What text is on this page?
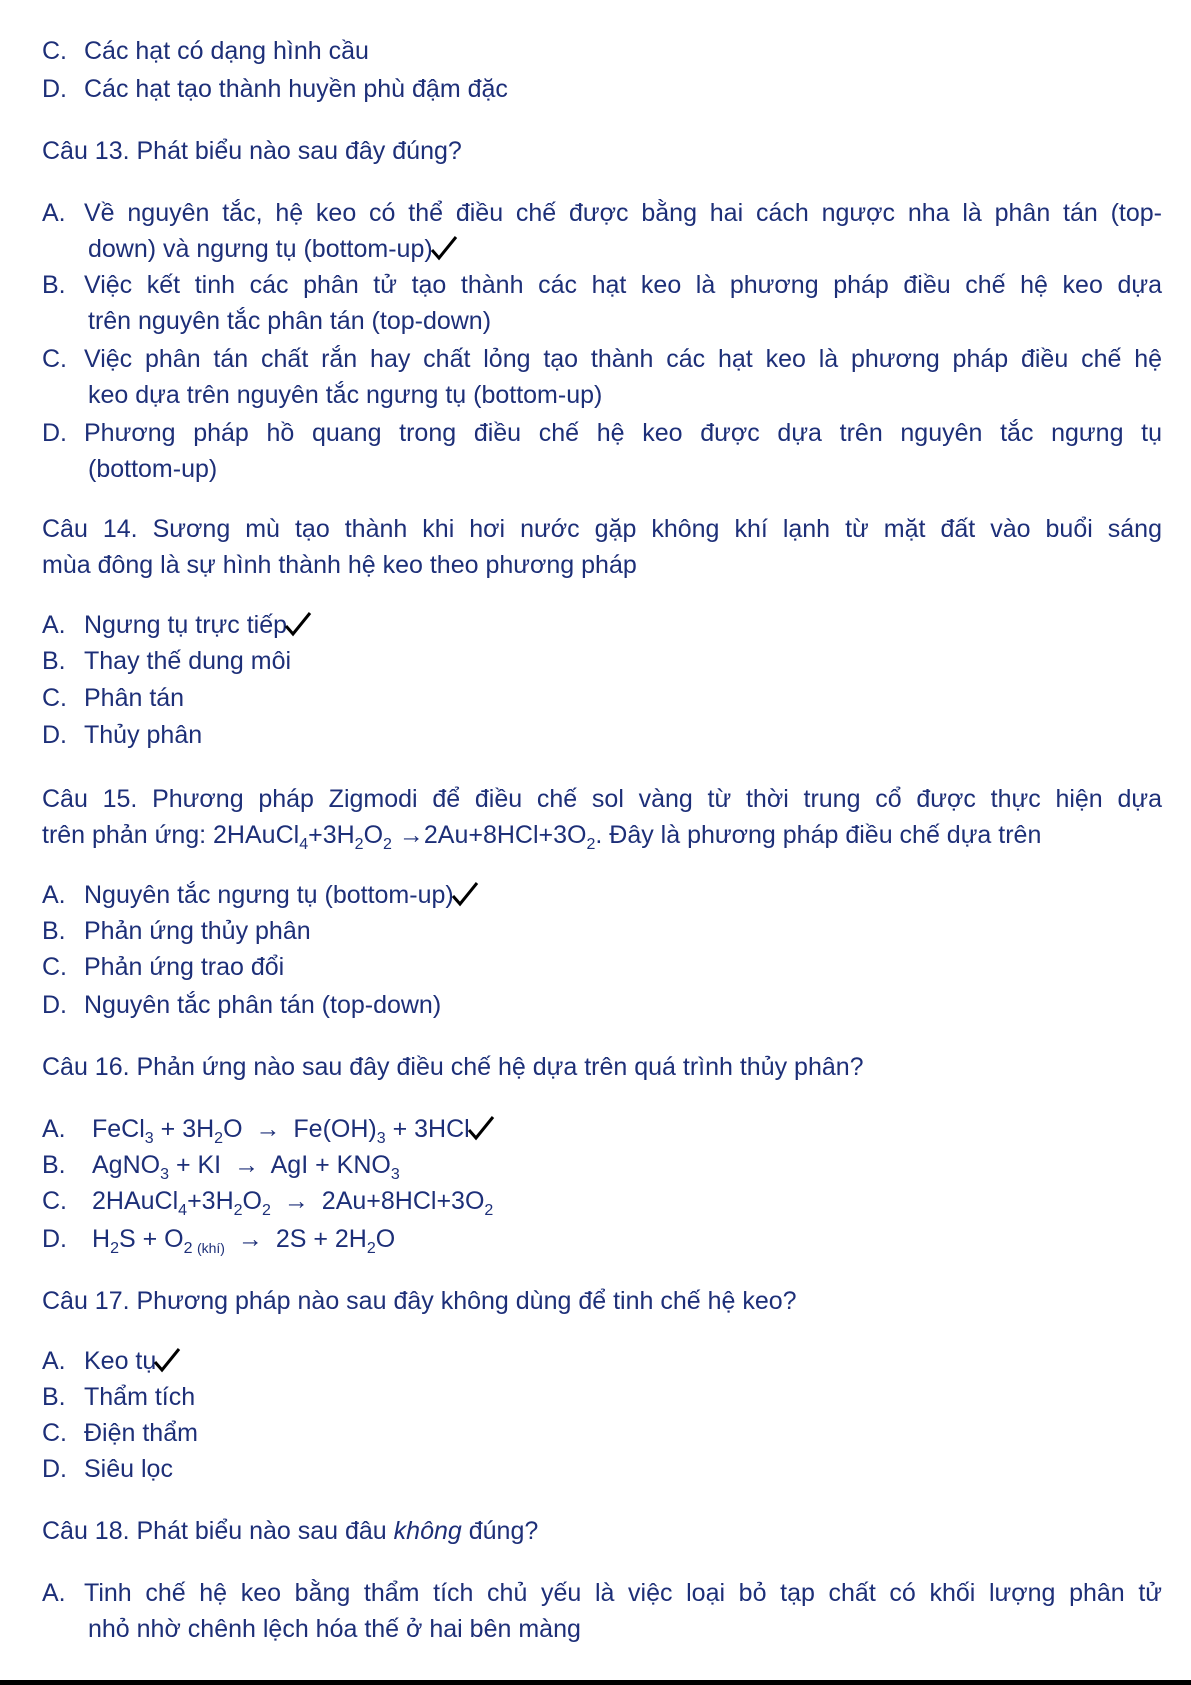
C. Các hạt có dạng hình cầu
D. Các hạt tạo thành huyền phù đậm đặc
Câu 13. Phát biểu nào sau đây đúng?
A. Về nguyên tắc, hệ keo có thể điều chế được bằng hai cách ngược nha là phân tán (top-
down) và ngưng tụ (bottom-up)
B. Việc kết tinh các phân tử tạo thành các hạt keo là phương pháp điều chế hệ keo dựa
trên nguyên tắc phân tán (top-down)
C. Việc phân tán chất rắn hay chất lỏng tạo thành các hạt keo là phương pháp điều chế hệ
keo dựa trên nguyên tắc ngưng tụ (bottom-up)
D. Phương pháp hồ quang trong điều chế hệ keo được dựa trên nguyên tắc ngưng tụ
(bottom-up)
Câu 14. Sương mù tạo thành khi hơi nước gặp không khí lạnh từ mặt đất vào buổi sáng
mùa đông là sự hình thành hệ keo theo phương pháp
A. Ngưng tụ trực tiếp
B. Thay thế dung môi
C. Phân tán
D. Thủy phân
Câu 15. Phương pháp Zigmodi để điều chế sol vàng từ thời trung cổ được thực hiện dựa
trên phản ứng: $2HAuCl_4+3H_2O_2 \to 2Au+8HCl+3O_2$. Đây là phương pháp điều chế dựa trên
A. Nguyên tắc ngưng tụ (bottom-up)
B. Phản ứng thủy phân
C. Phản ứng trao đổi
D. Nguyên tắc phân tán (top-down)
Câu 16. Phản ứng nào sau đây điều chế hệ dựa trên quá trình thủy phân?
A. FeCl$_3$ + $3H_2O \to Fe(OH)_3 + 3HCl$
B. AgNO$_3$ + KI → AgI + $KNO_3$
C. $2HAuCl_4+3H_2O_2 \to 2Au+8HCl+3O_2$
D. $H_2S + O_{2 (khí)} \to 2S + 2H_2O$
Câu 17. Phương pháp nào sau đây không dùng để tinh chế hệ keo?
A. Keo tụ
B. Thẩm tích
C. Điện thẩm
D. Siêu lọc
Câu 18. Phát biểu nào sau đâu không đúng?
A. Tinh chế hệ keo bằng thẩm tích chủ yếu là việc loại bỏ tạp chất có khối lượng phân tử
nhỏ nhờ chênh lệch hóa thế ở hai bên màng
